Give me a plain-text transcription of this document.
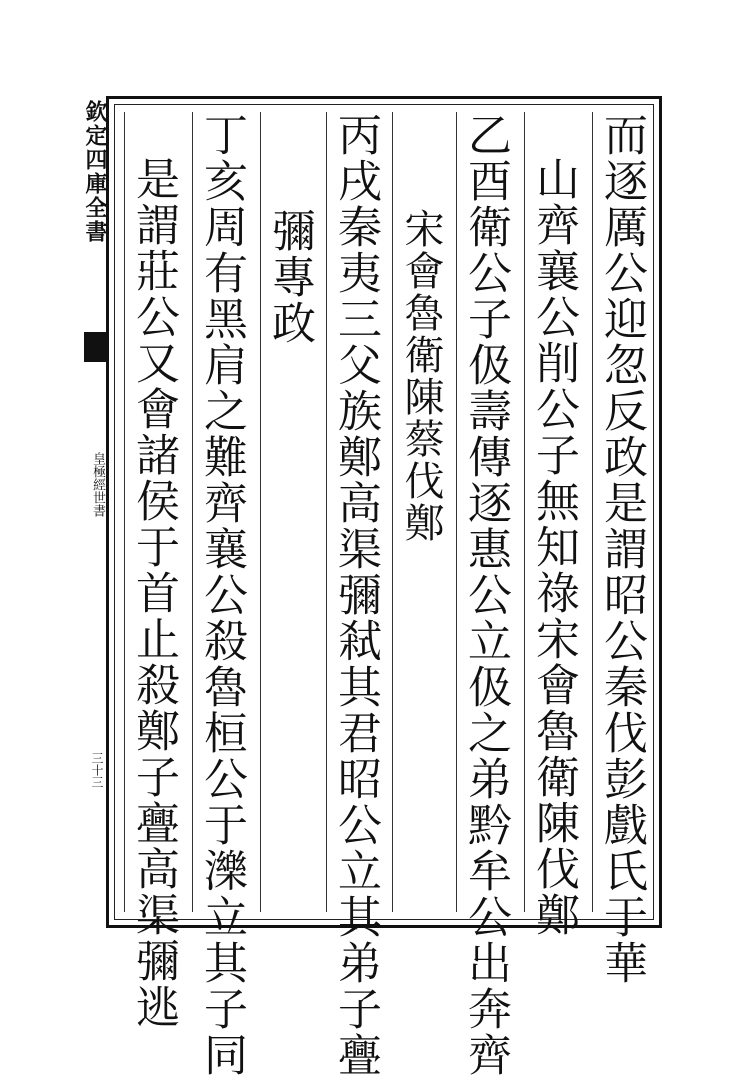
欽定四庫全書
皇極經世書
三十三	而逐厲公迎忽反政是謂昭公秦伐彭戲氏于華
山齊襄公削公子無知祿宋會魯衛陳伐鄭
乙酉衛公子伋壽傳逐惠公立伋之弟黔牟公出奔齊
宋會魯衛陳蔡伐鄭
丙戌秦夷三父族鄭高渠彌弒其君昭公立其弟子亹
彌專政
丁亥周有黑肩之難齊襄公殺魯桓公于濼立其子同
是謂莊公又會諸侯于首止殺鄭子亹高渠彌逃
